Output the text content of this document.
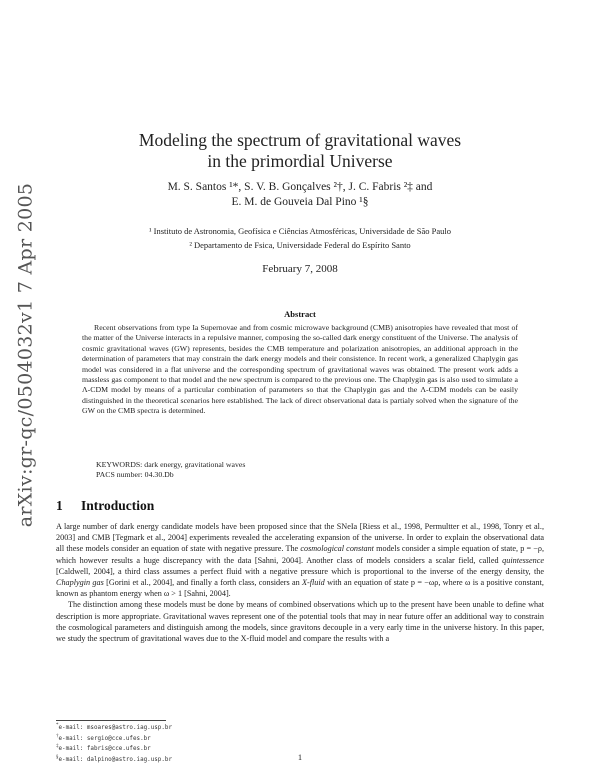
arXiv:gr-qc/0504032v1 7 Apr 2005
Modeling the spectrum of gravitational waves
in the primordial Universe
M. S. Santos ¹*, S. V. B. Gonçalves ²†, J. C. Fabris ²‡ and
E. M. de Gouveia Dal Pino ¹§
¹ Instituto de Astronomia, Geofísica e Ciências Atmosféricas, Universidade de São Paulo
² Departamento de Fsica, Universidade Federal do Espírito Santo
February 7, 2008
Abstract
Recent observations from type Ia Supernovae and from cosmic microwave background (CMB) anisotropies have revealed that most of the matter of the Universe interacts in a repulsive manner, composing the so-called dark energy constituent of the Universe. The analysis of cosmic gravitational waves (GW) represents, besides the CMB temperature and polarization anisotropies, an additional approach in the determination of parameters that may constrain the dark energy models and their consistence. In recent work, a generalized Chaplygin gas model was considered in a flat universe and the corresponding spectrum of gravitational waves was obtained. The present work adds a massless gas component to that model and the new spectrum is compared to the previous one. The Chaplygin gas is also used to simulate a Λ-CDM model by means of a particular combination of parameters so that the Chaplygin gas and the Λ-CDM models can be easily distinguished in the theoretical scenarios here established. The lack of direct observational data is partialy solved when the signature of the GW on the CMB spectra is determined.
KEYWORDS: dark energy, gravitational waves
PACS number: 04.30.Db
1 Introduction

A large number of dark energy candidate models have been proposed since that the SNeIa [Riess et al., 1998, Permultter et al., 1998, Tonry et al., 2003] and CMB [Tegmark et al., 2004] experiments revealed the accelerating expansion of the universe. In order to explain the observational data all these models consider an equation of state with negative pressure. The cosmological constant models consider a simple equation of state, p = −ρ, which however results a huge discrepancy with the data [Sahni, 2004]. Another class of models considers a scalar field, called quintessence [Caldwell, 2004], a third class assumes a perfect fluid with a negative pressure which is proportional to the inverse of the energy density, the Chaplygin gas [Gorini et al., 2004], and finally a forth class, considers an X-fluid with an equation of state p = −ωρ, where ω is a positive constant, known as phantom energy when ω > 1 [Sahni, 2004].

The distinction among these models must be done by means of combined observations which up to the present have been unable to define what description is more appropriate. Gravitational waves represent one of the potential tools that may in near future offer an additional way to constrain the cosmological parameters and distinguish among the models, since gravitons decouple in a very early time in the universe history. In this paper, we study the spectrum of gravitational waves due to the X-fluid model and compare the results with a

*e-mail: msoares@astro.iag.usp.br
†e-mail: sergio@cce.ufes.br
‡e-mail: fabris@cce.ufes.br
§e-mail: dalpino@astro.iag.usp.br	1
